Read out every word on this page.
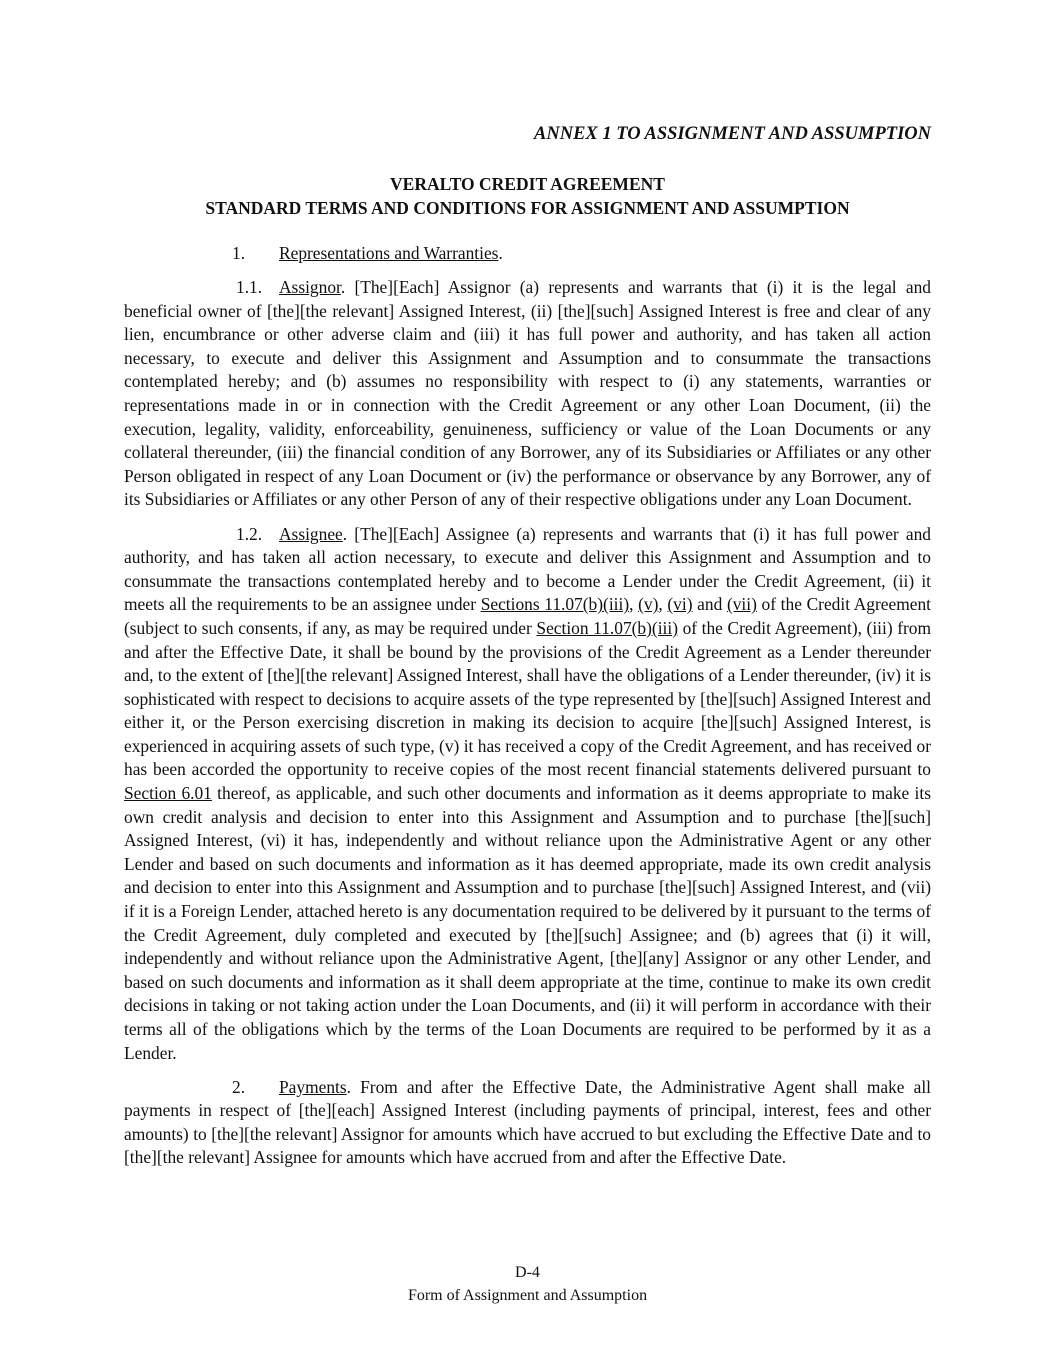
ANNEX 1 TO ASSIGNMENT AND ASSUMPTION

VERALTO CREDIT AGREEMENT
STANDARD TERMS AND CONDITIONS FOR ASSIGNMENT AND ASSUMPTION

1. Representations and Warranties.

1.1. Assignor. [The][Each] Assignor (a) represents and warrants that (i) it is the legal and beneficial owner of [the][the relevant] Assigned Interest, (ii) [the][such] Assigned Interest is free and clear of any lien, encumbrance or other adverse claim and (iii) it has full power and authority, and has taken all action necessary, to execute and deliver this Assignment and Assumption and to consummate the transactions contemplated hereby; and (b) assumes no responsibility with respect to (i) any statements, warranties or representations made in or in connection with the Credit Agreement or any other Loan Document, (ii) the execution, legality, validity, enforceability, genuineness, sufficiency or value of the Loan Documents or any collateral thereunder, (iii) the financial condition of any Borrower, any of its Subsidiaries or Affiliates or any other Person obligated in respect of any Loan Document or (iv) the performance or observance by any Borrower, any of its Subsidiaries or Affiliates or any other Person of any of their respective obligations under any Loan Document.

1.2. Assignee. [The][Each] Assignee (a) represents and warrants that (i) it has full power and authority, and has taken all action necessary, to execute and deliver this Assignment and Assumption and to consummate the transactions contemplated hereby and to become a Lender under the Credit Agreement, (ii) it meets all the requirements to be an assignee under Sections 11.07(b)(iii), (v), (vi) and (vii) of the Credit Agreement (subject to such consents, if any, as may be required under Section 11.07(b)(iii) of the Credit Agreement), (iii) from and after the Effective Date, it shall be bound by the provisions of the Credit Agreement as a Lender thereunder and, to the extent of [the][the relevant] Assigned Interest, shall have the obligations of a Lender thereunder, (iv) it is sophisticated with respect to decisions to acquire assets of the type represented by [the][such] Assigned Interest and either it, or the Person exercising discretion in making its decision to acquire [the][such] Assigned Interest, is experienced in acquiring assets of such type, (v) it has received a copy of the Credit Agreement, and has received or has been accorded the opportunity to receive copies of the most recent financial statements delivered pursuant to Section 6.01 thereof, as applicable, and such other documents and information as it deems appropriate to make its own credit analysis and decision to enter into this Assignment and Assumption and to purchase [the][such] Assigned Interest, (vi) it has, independently and without reliance upon the Administrative Agent or any other Lender and based on such documents and information as it has deemed appropriate, made its own credit analysis and decision to enter into this Assignment and Assumption and to purchase [the][such] Assigned Interest, and (vii) if it is a Foreign Lender, attached hereto is any documentation required to be delivered by it pursuant to the terms of the Credit Agreement, duly completed and executed by [the][such] Assignee; and (b) agrees that (i) it will, independently and without reliance upon the Administrative Agent, [the][any] Assignor or any other Lender, and based on such documents and information as it shall deem appropriate at the time, continue to make its own credit decisions in taking or not taking action under the Loan Documents, and (ii) it will perform in accordance with their terms all of the obligations which by the terms of the Loan Documents are required to be performed by it as a Lender.

2. Payments. From and after the Effective Date, the Administrative Agent shall make all payments in respect of [the][each] Assigned Interest (including payments of principal, interest, fees and other amounts) to [the][the relevant] Assignor for amounts which have accrued to but excluding the Effective Date and to [the][the relevant] Assignee for amounts which have accrued from and after the Effective Date.

D-4
Form of Assignment and Assumption
